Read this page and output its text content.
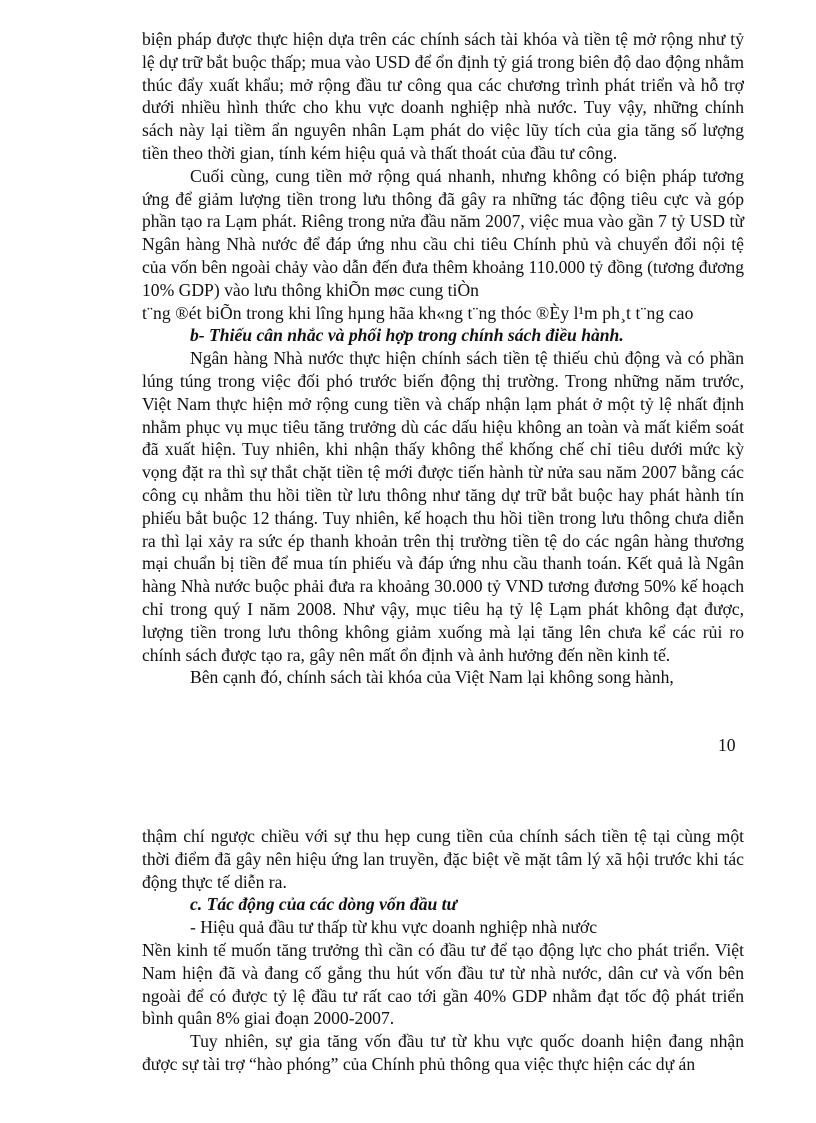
biện pháp được thực hiện dựa trên các chính sách tài khóa và tiền tệ mở rộng như tỷ lệ dự trữ bắt buộc thấp; mua vào USD để ổn định tỷ giá trong biên độ dao động nhằm thúc đẩy xuất khẩu; mở rộng đầu tư công qua các chương trình phát triển và hỗ trợ dưới nhiều hình thức cho khu vực doanh nghiệp nhà nước. Tuy vậy, những chính sách này lại tiềm ẩn nguyên nhân Lạm phát do việc lũy tích của gia tăng số lượng tiền theo thời gian, tính kém hiệu quả và thất thoát của đầu tư công.

Cuối cùng, cung tiền mở rộng quá nhanh, nhưng không có biện pháp tương ứng để giảm lượng tiền trong lưu thông đã gây ra những tác động tiêu cực và góp phần tạo ra Lạm phát. Riêng trong nửa đầu năm 2007, việc mua vào gần 7 tỷ USD từ Ngân hàng Nhà nước để đáp ứng nhu cầu chi tiêu Chính phủ và chuyển đổi nội tệ của vốn bên ngoài chảy vào dẫn đến đưa thêm khoảng 110.000 tỷ đồng (tương đương 10% GDP) vào lưu thông khiÕn møc cung tiÒn

t¨ng ®ét biÕn trong khi lîng hµng hãa kh«ng t¨ng thóc ®Èy l¹m ph¸t t¨ng cao

b- Thiếu cân nhắc và phối hợp trong chính sách điều hành.

Ngân hàng Nhà nước thực hiện chính sách tiền tệ thiếu chủ động và có phần lúng túng trong việc đối phó trước biến động thị trường. Trong những năm trước, Việt Nam thực hiện mở rộng cung tiền và chấp nhận lạm phát ở một tỷ lệ nhất định nhằm phục vụ mục tiêu tăng trưởng dù các dấu hiệu không an toàn và mất kiểm soát đã xuất hiện. Tuy nhiên, khi nhận thấy không thể khống chế chỉ tiêu dưới mức kỳ vọng đặt ra thì sự thắt chặt tiền tệ mới được tiến hành từ nửa sau năm 2007 bằng các công cụ nhằm thu hồi tiền từ lưu thông như tăng dự trữ bắt buộc hay phát hành tín phiếu bắt buộc 12 tháng. Tuy nhiên, kế hoạch thu hồi tiền trong lưu thông chưa diễn ra thì lại xảy ra sức ép thanh khoản trên thị trường tiền tệ do các ngân hàng thương mại chuẩn bị tiền để mua tín phiếu và đáp ứng nhu cầu thanh toán. Kết quả là Ngân hàng Nhà nước buộc phải đưa ra khoảng 30.000 tỷ VND tương đương 50% kế hoạch chỉ trong quý I năm 2008. Như vậy, mục tiêu hạ tỷ lệ Lạm phát không đạt được, lượng tiền trong lưu thông không giảm xuống mà lại tăng lên chưa kể các rủi ro chính sách được tạo ra, gây nên mất ổn định và ảnh hưởng đến nền kinh tế.

Bên cạnh đó, chính sách tài khóa của Việt Nam lại không song hành,

10

thậm chí ngược chiều với sự thu hẹp cung tiền của chính sách tiền tệ tại cùng một thời điểm đã gây nên hiệu ứng lan truyền, đặc biệt về mặt tâm lý xã hội trước khi tác động thực tế diễn ra.

c. Tác động của các dòng vốn đầu tư

- Hiệu quả đầu tư thấp từ khu vực doanh nghiệp nhà nước

Nền kinh tế muốn tăng trưởng thì cần có đầu tư để tạo động lực cho phát triển. Việt Nam hiện đã và đang cố gắng thu hút vốn đầu tư từ nhà nước, dân cư và vốn bên ngoài để có được tỷ lệ đầu tư rất cao tới gần 40% GDP nhằm đạt tốc độ phát triển bình quân 8% giai đoạn 2000-2007.

Tuy nhiên, sự gia tăng vốn đầu tư từ khu vực quốc doanh hiện đang nhận được sự tài trợ “hào phóng” của Chính phủ thông qua việc thực hiện các dự án
